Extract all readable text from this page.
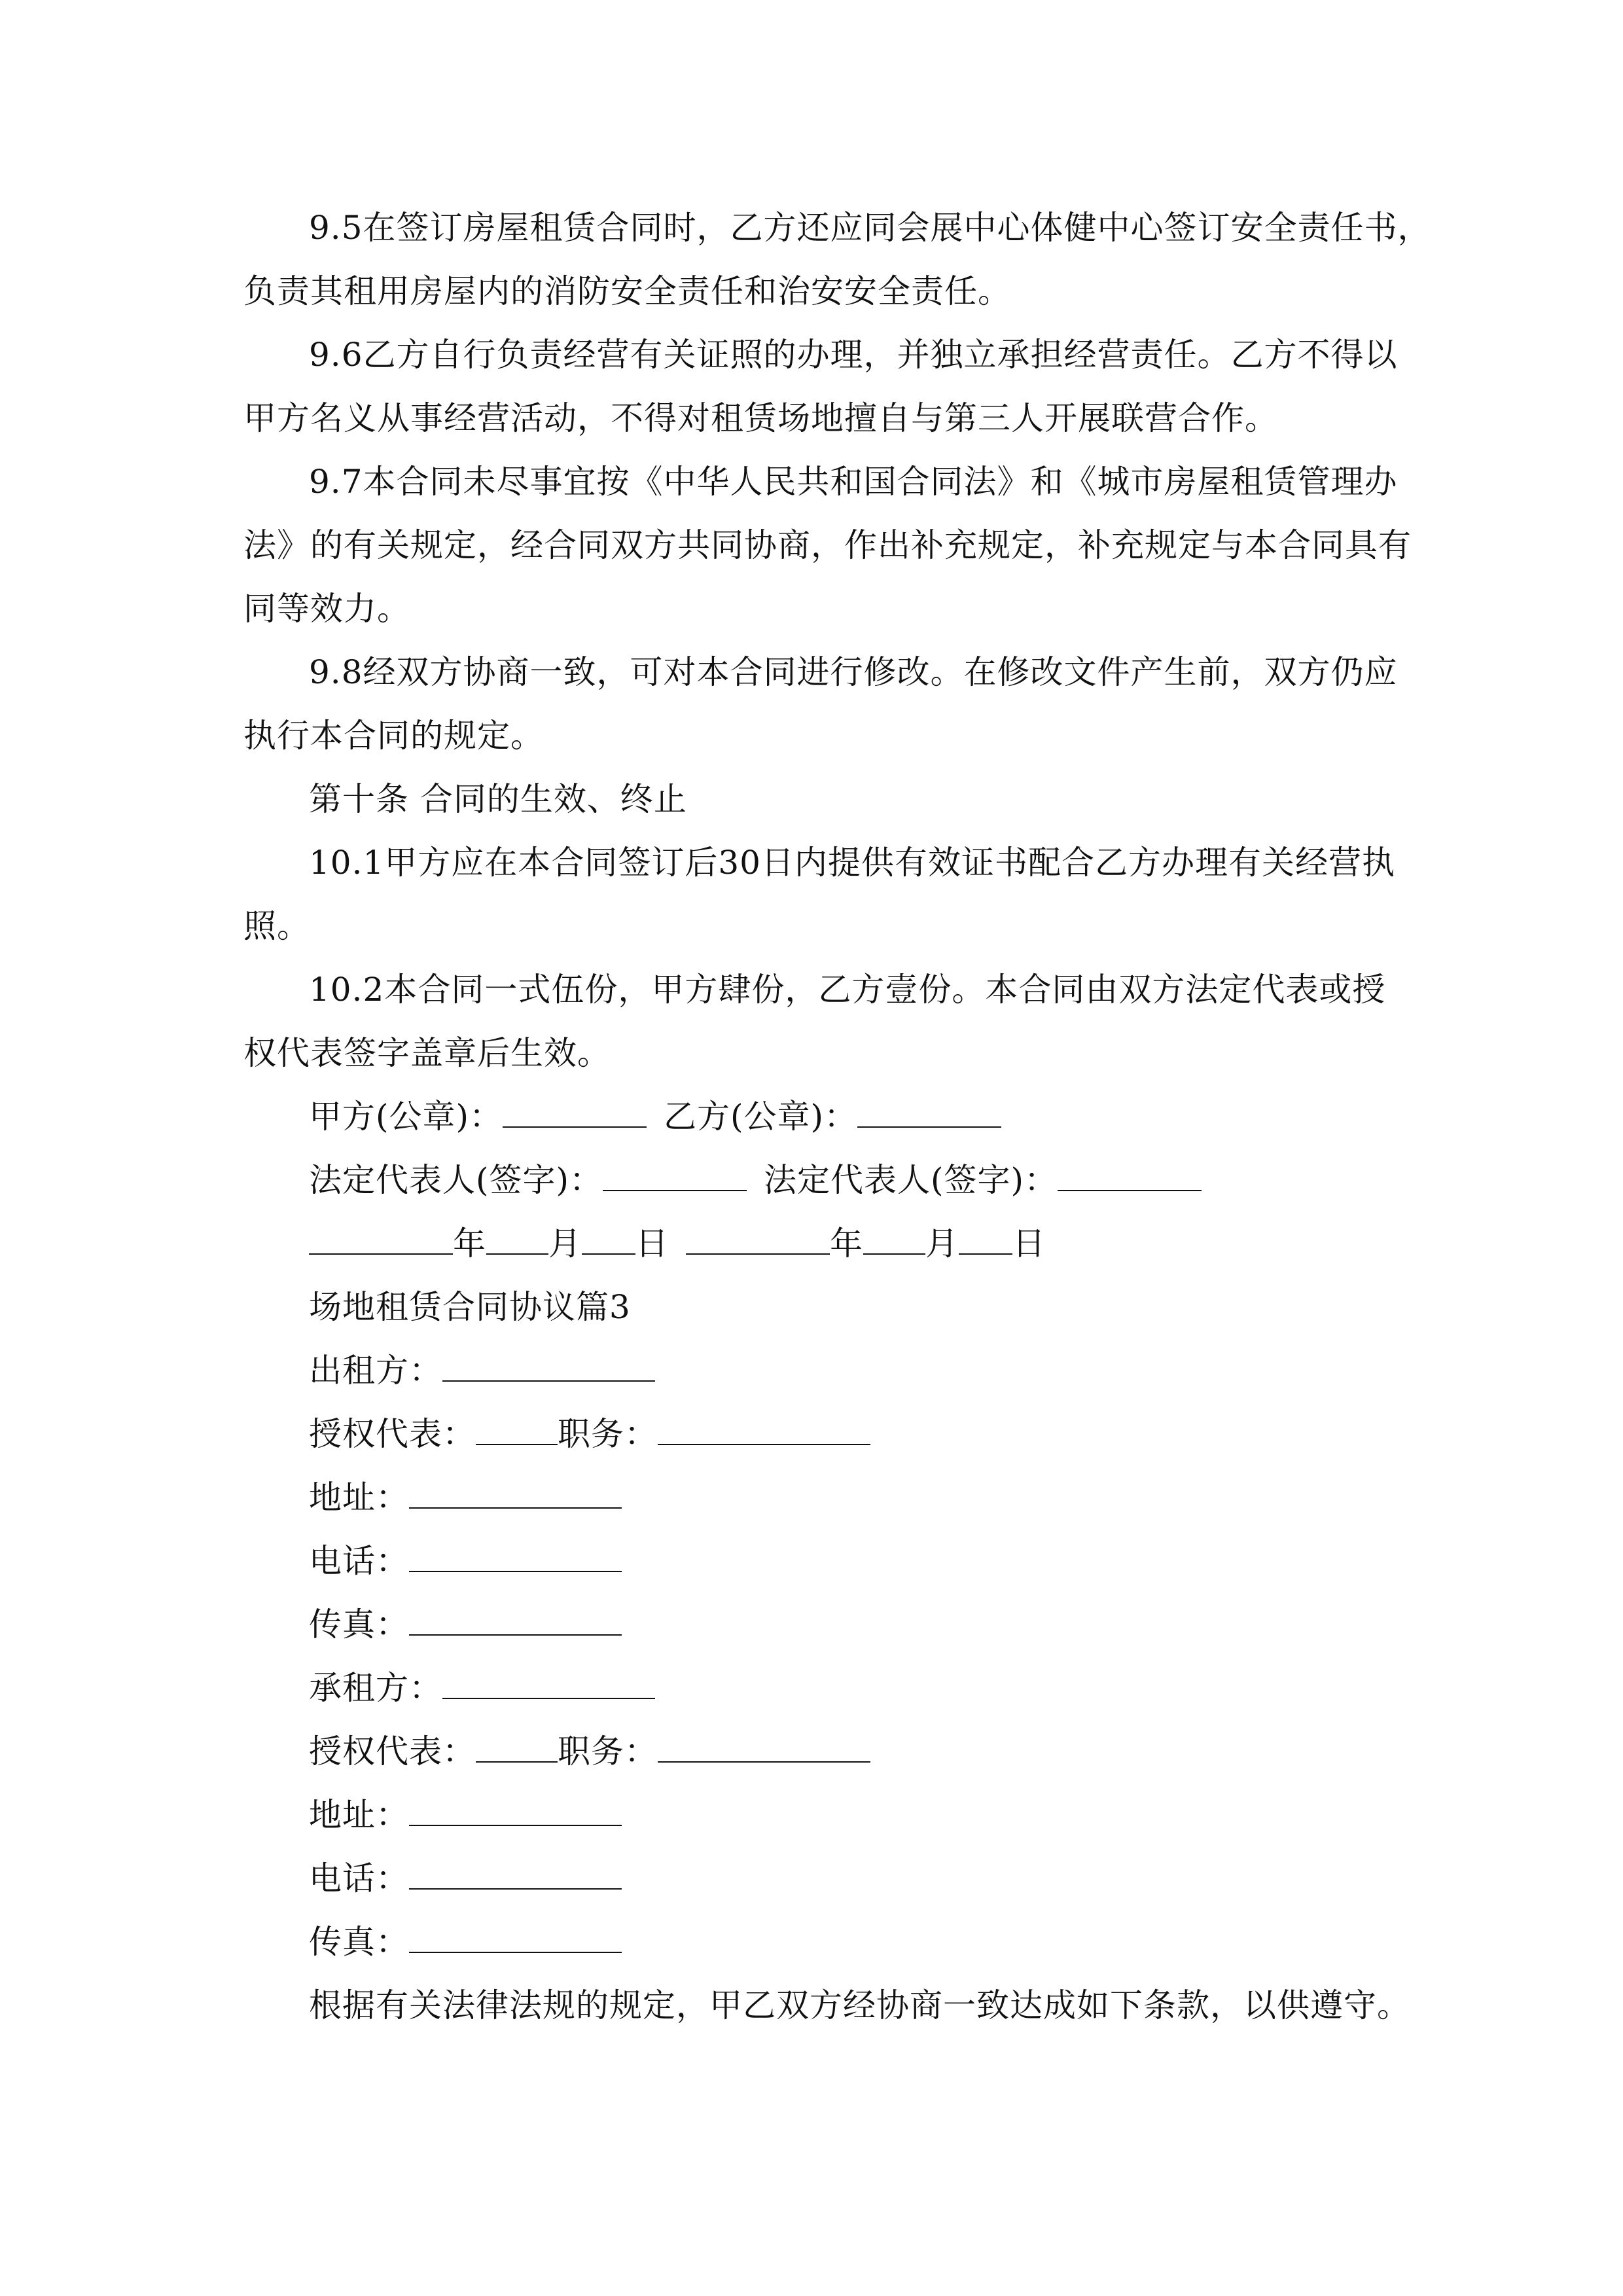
9.5在签订房屋租赁合同时，乙方还应同会展中心体健中心签订安全责任书，
负责其租用房屋内的消防安全责任和治安安全责任。
9.6乙方自行负责经营有关证照的办理，并独立承担经营责任。乙方不得以
甲方名义从事经营活动，不得对租赁场地擅自与第三人开展联营合作。
9.7本合同未尽事宜按《中华人民共和国合同法》和《城市房屋租赁管理办
法》的有关规定，经合同双方共同协商，作出补充规定，补充规定与本合同具有
同等效力。
9.8经双方协商一致，可对本合同进行修改。在修改文件产生前，双方仍应
执行本合同的规定。
第十条 合同的生效、终止
10.1甲方应在本合同签订后30日内提供有效证书配合乙方办理有关经营执
照。
10.2本合同一式伍份，甲方肆份，乙方壹份。本合同由双方法定代表或授
权代表签字盖章后生效。
甲方(公章)：	乙方(公章)：
法定代表人(签字)：	法定代表人(签字)：
年 月 日	年 月 日
场地租赁合同协议篇3
出租方：
授权代表：	职务：
地址：
电话：
传真：
承租方：
授权代表：	职务：
地址：
电话：
传真：
根据有关法律法规的规定，甲乙双方经协商一致达成如下条款，以供遵守。
